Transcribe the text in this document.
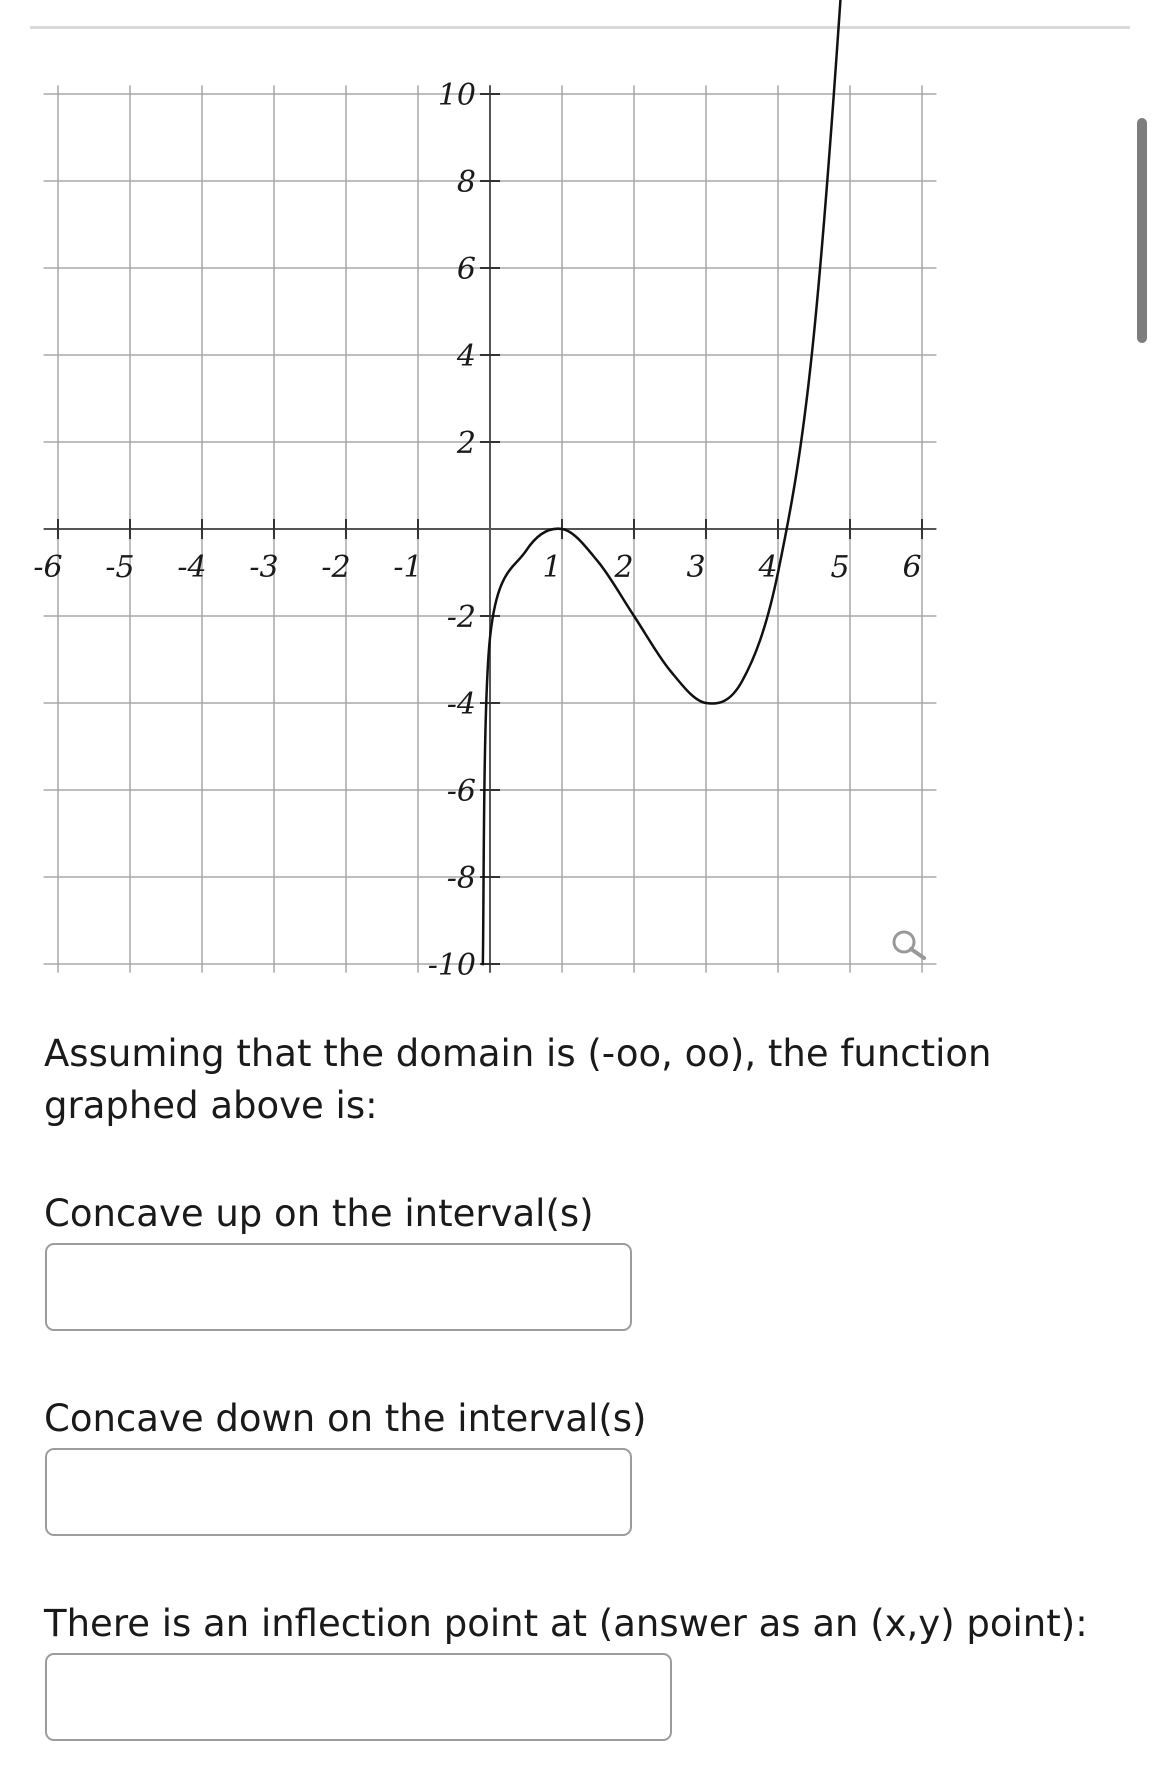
-6 -5 -4 -3 -2 -1	1 2 3 4 5 6
10
8
6
4
2
-2
-4
-6
-8
-10
Assuming that the domain is (-oo, oo), the function graphed above is:
Concave up on the interval(s)
Concave down on the interval(s)
There is an inflection point at (answer as an (x,y) point):
